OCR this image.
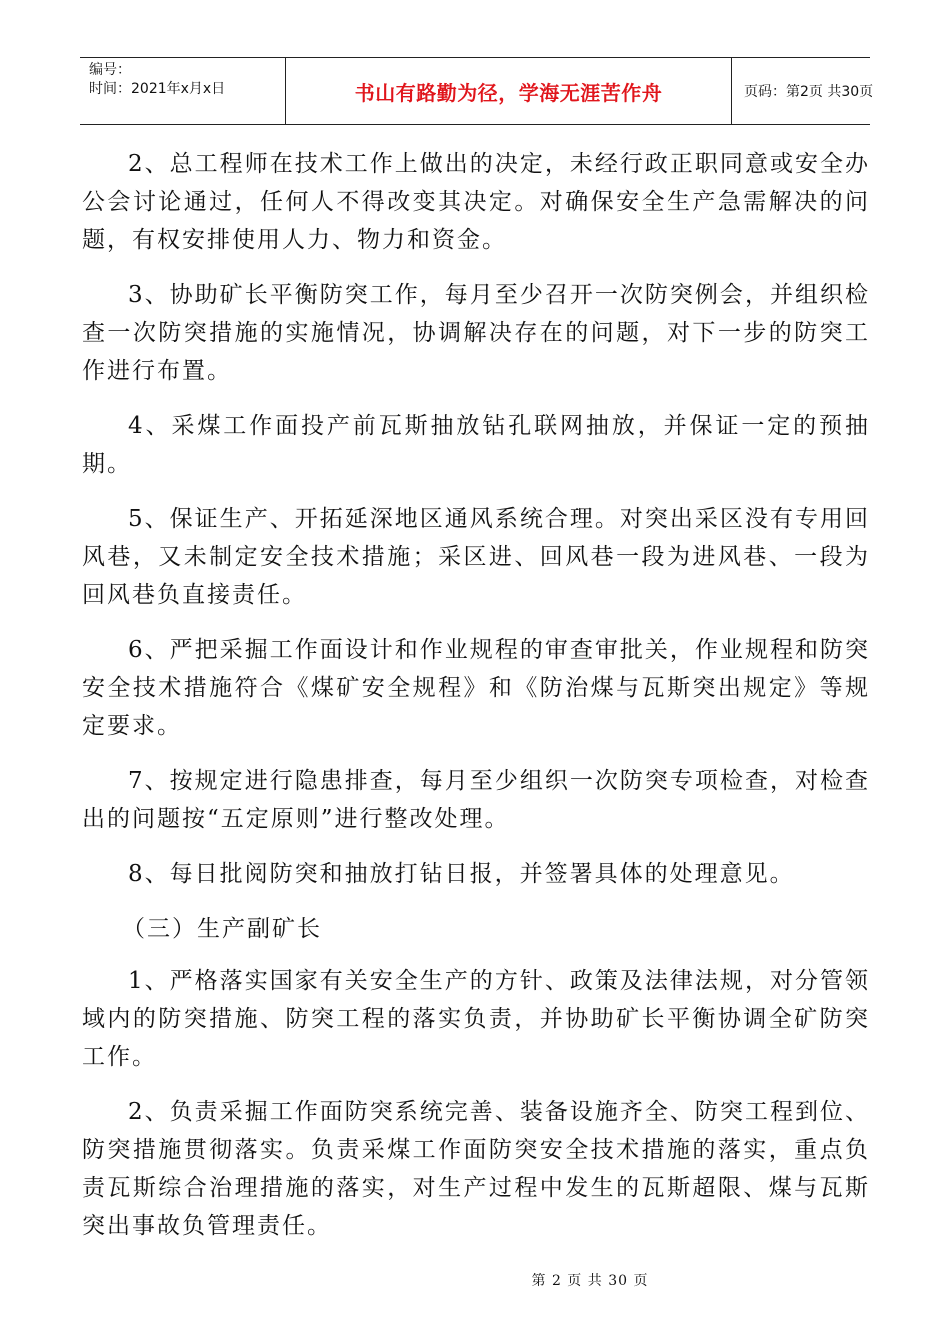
编号：
时间：2021年x月x日	书山有路勤为径，学海无涯苦作舟	页码：第2页 共30页

2、总工程师在技术工作上做出的决定，未经行政正职同意或安全办公会讨论通过，任何人不得改变其决定。对确保安全生产急需解决的问题，有权安排使用人力、物力和资金。

3、协助矿长平衡防突工作，每月至少召开一次防突例会，并组织检查一次防突措施的实施情况，协调解决存在的问题，对下一步的防突工作进行布置。

4、采煤工作面投产前瓦斯抽放钻孔联网抽放，并保证一定的预抽期。

5、保证生产、开拓延深地区通风系统合理。对突出采区没有专用回风巷，又未制定安全技术措施；采区进、回风巷一段为进风巷、一段为回风巷负直接责任。

6、严把采掘工作面设计和作业规程的审查审批关，作业规程和防突安全技术措施符合《煤矿安全规程》和《防治煤与瓦斯突出规定》等规定要求。

7、按规定进行隐患排查，每月至少组织一次防突专项检查，对检查出的问题按“五定原则”进行整改处理。

8、每日批阅防突和抽放打钻日报，并签署具体的处理意见。

（三）生产副矿长

1、严格落实国家有关安全生产的方针、政策及法律法规，对分管领域内的防突措施、防突工程的落实负责，并协助矿长平衡协调全矿防突工作。

2、负责采掘工作面防突系统完善、装备设施齐全、防突工程到位、防突措施贯彻落实。负责采煤工作面防突安全技术措施的落实，重点负责瓦斯综合治理措施的落实，对生产过程中发生的瓦斯超限、煤与瓦斯突出事故负管理责任。

第 2 页 共 30 页
